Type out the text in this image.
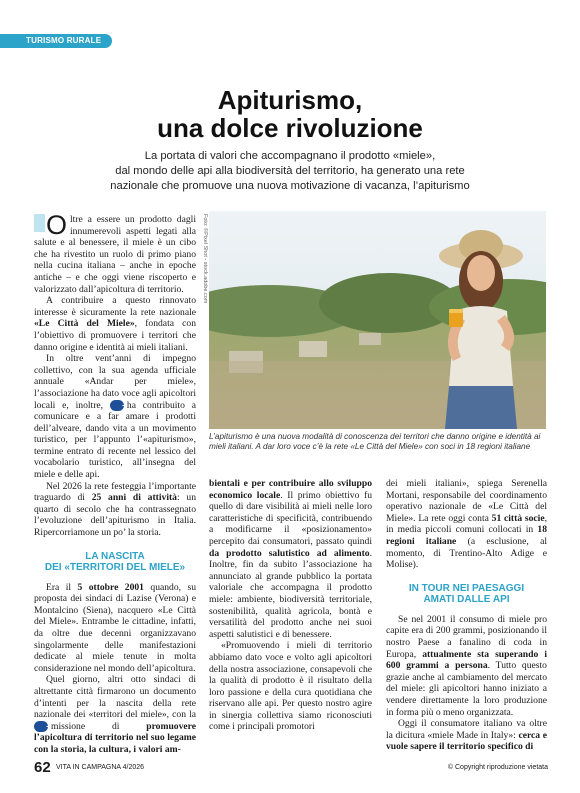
TURISMO RURALE
Apiturismo,
una dolce rivoluzione
La portata di valori che accompagnano il prodotto «miele»,
dal mondo delle api alla biodiversità del territorio, ha generato una rete
nazionale che promuove una nuova motivazione di vacanza, l’apiturismo

Oltre a essere un prodotto dagli innumerevoli aspetti legati alla salute e al benessere, il miele è un cibo che ha rivestito un ruolo di primo piano nella cucina italiana – anche in epoche antiche – e che oggi viene riscoperto e valorizzato dall’apicoltura di territorio.

A contribuire a questo rinnovato interesse è sicuramente la rete nazionale «Le Città del Miele», fondata con l’obiettivo di promuovere i territori che danno origine e identità ai mieli italiani.

In oltre vent’anni di impegno collettivo, con la sua agenda ufficiale annuale «Andar per miele», l’associazione ha dato voce agli apicoltori locali e, inoltre, ➜ha contribuito a comunicare e a far amare i prodotti dell’alveare, dando vita a un movimento turistico, per l’appunto l’«apiturismo», termine entrato di recente nel lessico del vocabolario turistico, all’insegna del miele e delle api.

Nel 2026 la rete festeggia l’importante traguardo di 25 anni di attività: un quarto di secolo che ha contrassegnato l’evoluzione dell’apiturismo in Italia. Ripercorriamone un po’ la storia.

LA NASCITA
DEI «TERRITORI DEL MIELE»

Era il 5 ottobre 2001 quando, su proposta dei sindaci di Lazise (Verona) e Montalcino (Siena), nacquero «Le Città del Miele». Entrambe le cittadine, infatti, da oltre due decenni organizzavano singolarmente delle manifestazioni dedicate al miele tenute in molta considerazione nel mondo dell’apicoltura.

Quel giorno, altri otto sindaci di altrettante città firmarono un documento d’intenti per la nascita della rete nazionale dei «territori del miele», con la ➜missione di promuovere l’apicoltura di territorio nel suo legame con la storia, la cultura, i valori am-

Foto: ©Pixel Shot - stock.adobe.com
L’apiturismo è una nuova modalità di conoscenza dei territori che danno origine e identità ai mieli italiani. A dar loro voce c’è la rete «Le Città del Miele» con soci in 18 regioni italiane

bientali e per contribuire allo sviluppo economico locale. Il primo obiettivo fu quello di dare visibilità ai mieli nelle loro caratteristiche di specificità, contribuendo a modificarne il «posizionamento» percepito dai consumatori, passato quindi da prodotto salutistico ad alimento. Inoltre, fin da subito l’associazione ha annunciato al grande pubblico la portata valoriale che accompagna il prodotto miele: ambiente, biodiversità territoriale, sostenibilità, qualità agricola, bontà e versatilità del prodotto anche nei suoi aspetti salutistici e di benessere.

«Promuovendo i mieli di territorio abbiamo dato voce e volto agli apicoltori della nostra associazione, consapevoli che la qualità di prodotto è il risultato della loro passione e della cura quotidiana che riservano alle api. Per questo nostro agire in sinergia collettiva siamo riconosciuti come i principali promotori

dei mieli italiani», spiega Serenella Mortani, responsabile del coordinamento operativo nazionale de «Le Città del Miele». La rete oggi conta 51 città socie, in media piccoli comuni collocati in 18 regioni italiane (a esclusione, al momento, di Trentino-Alto Adige e Molise).

IN TOUR NEI PAESAGGI
AMATI DALLE API

Se nel 2001 il consumo di miele pro capite era di 200 grammi, posizionando il nostro Paese a fanalino di coda in Europa, attualmente sta superando i 600 grammi a persona. Tutto questo grazie anche al cambiamento del mercato del miele: gli apicoltori hanno iniziato a vendere direttamente la loro produzione in forma più o meno organizzata.

Oggi il consumatore italiano va oltre la dicitura «miele Made in Italy»: cerca e vuole sapere il territorio specifico di

62 VITA IN CAMPAGNA 4/2026	© Copyright riproduzione vietata
